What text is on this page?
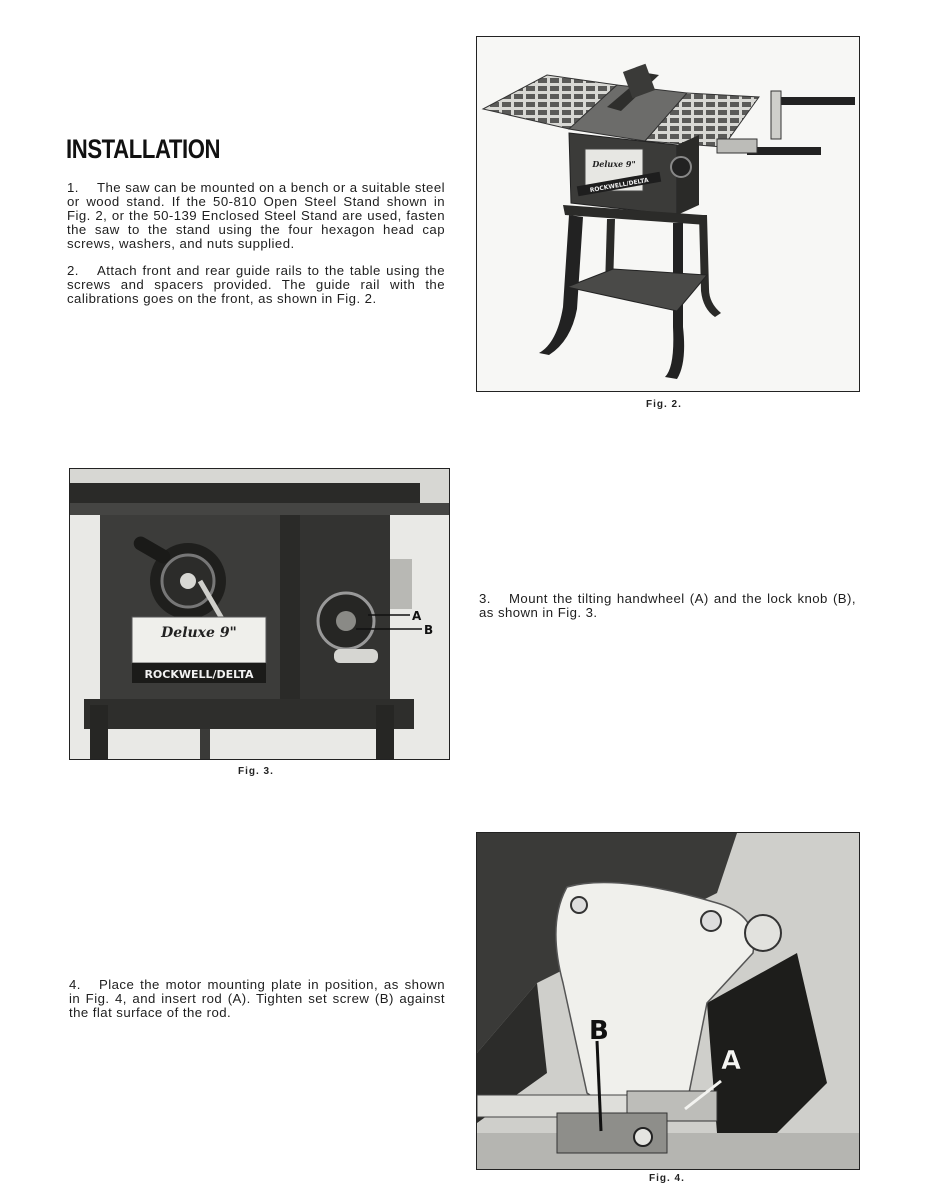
INSTALLATION

1. The saw can be mounted on a bench or a suitable steel or wood stand. If the 50-810 Open Steel Stand shown in Fig. 2, or the 50-139 Enclosed Steel Stand are used, fasten the saw to the stand using the four hexagon head cap screws, washers, and nuts supplied.

2. Attach front and rear guide rails to the table using the screws and spacers provided. The guide rail with the calibrations goes on the front, as shown in Fig. 2.

3. Mount the tilting handwheel (A) and the lock knob (B), as shown in Fig. 3.

4. Place the motor mounting plate in position, as shown in Fig. 4, and insert rod (A). Tighten set screw (B) against the flat surface of the rod.

Deluxe 9"
ROCKWELL/DELTA
Fig. 2.
Deluxe 9"
ROCKWELL/DELTA
A
B
Fig. 3.
B
A
Fig. 4.
